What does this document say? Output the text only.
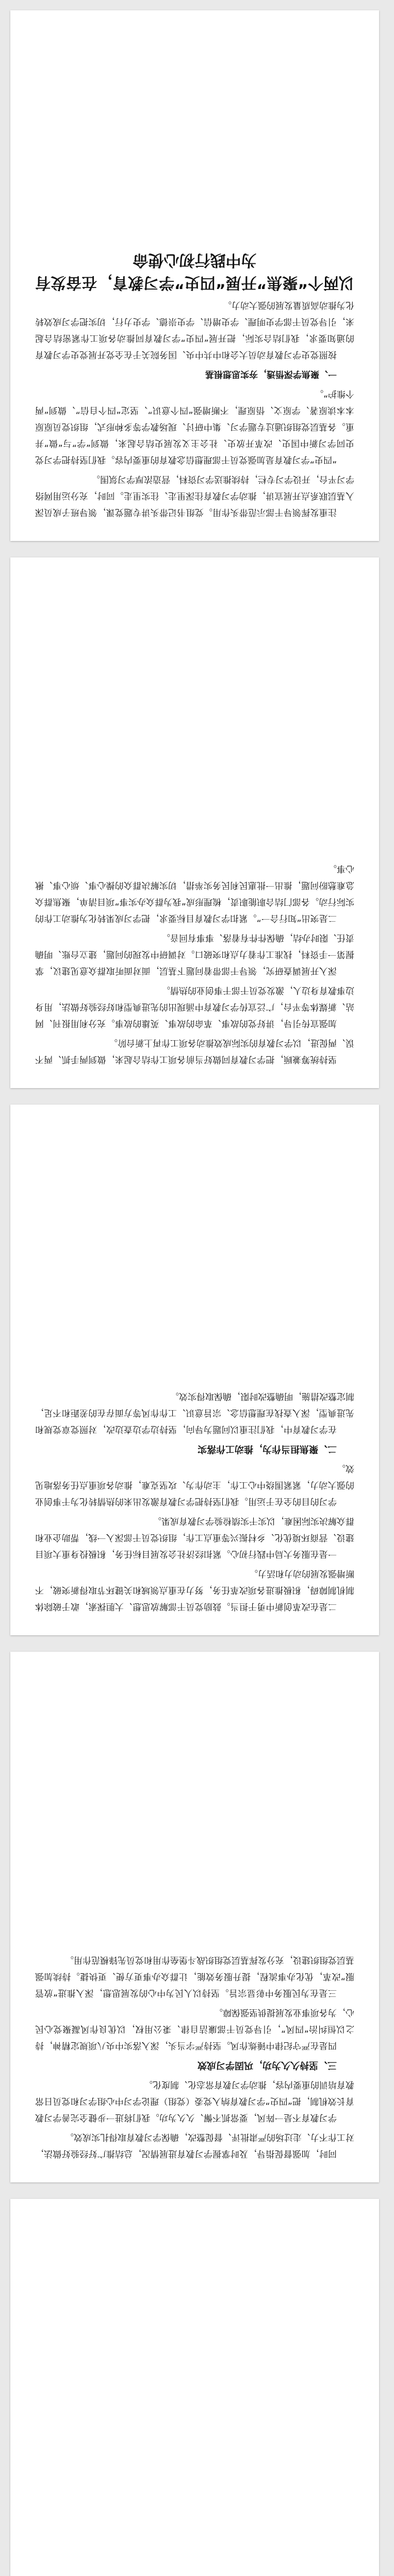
注重发挥领导干部示范带头作用。党组书记带头讲专题党课，领导班子成员深入基层联系点开展宣讲，推动学习教育往深里走、往实里走。同时，充分运用网络学习平台，开设学习专栏，持续推送学习资料，营造浓厚学习氛围。
“四史”学习教育是加强党员干部理想信念教育的重要内容。我们坚持把学习党史同学习新中国史、改革开放史、社会主义发展史结合起来，做到“学”与“做”并重。各基层党组织通过专题学习、集中研讨、现场教学等多种形式，组织党员原原本本读原著、学原文、悟原理，不断增强“四个意识”、坚定“四个自信”、做到“两个维护”。
一、聚焦学深悟透，夯实思想根基
按照党史学习教育动员大会和中共中央、国务院关于在全党开展党史学习教育的通知要求，我们结合实际，把开展“四史”学习教育同推动各项工作紧密结合起来，引导党员干部学史明理、学史增信、学史崇德、学史力行，切实把学习成效转化为推动高质量发展的强大动力。
以两个“聚焦”开展“四史”学习教育，在奋发有为中践行初心使命
坚持统筹兼顾，把学习教育同做好当前各项工作结合起来，做到两手抓、两不误、两促进，以学习教育的实际成效推动各项工作再上新台阶。
加强宣传引导，讲好党的故事、革命的故事、英雄的故事。充分利用报刊、网站、新媒体等平台，广泛宣传学习教育中涌现出的先进典型和好经验好做法，用身边事教育身边人，激发党员干部干事创业的热情。
深入开展调查研究，领导干部带着问题下基层，面对面听取群众意见建议，掌握第一手资料，找准工作着力点和突破口。对调研中发现的问题，建立台账、明确责任、限时办结，确保件件有着落、事事有回音。
二是突出“知行合一”。紧扣学习教育目标要求，把学习成果转化为推动工作的实际行动。各部门结合职能职责，梳理形成“我为群众办实事”项目清单，聚焦群众急难愁盼问题，推出一批惠民利民务实举措，切实解决群众的操心事、烦心事、揪心事。
二是在改革创新中勇于担当。鼓励党员干部解放思想、大胆探索，敢于破除体制机制障碍，积极推进各项改革任务，努力在重点领域和关键环节取得新突破，不断增强发展的动力和活力。
一是在服务大局中践行初心。紧扣经济社会发展目标任务，积极投身重大项目建设、营商环境优化、乡村振兴等重点工作，组织党员干部深入一线，帮助企业和群众解决实际困难，以实干实绩检验学习教育成果。
学习的目的全在于运用。我们坚持把学习教育激发出来的热情转化为干事创业的强大动力，紧紧围绕中心工作，主动作为、攻坚克难，推动各项重点任务落地见效。
二、聚焦担当作为，推动工作落实
在学习教育中，我们注重以问题为导向，坚持边学边查边改，对照党章党规和先进典型，深入查找在理想信念、宗旨意识、工作作风等方面存在的差距和不足，制定整改措施，明确整改时限，确保取得实效。
同时，加强督促指导，及时掌握学习教育进展情况，总结推广好经验好做法，对工作不力、走过场的严肃批评、督促整改，确保学习教育取得扎实成效。
学习教育不是一阵风，要常抓不懈、久久为功。我们将进一步健全完善学习教育长效机制，把“四史”学习教育纳入党委（党组）理论学习中心组学习和党员日常教育培训的重要内容，推动学习教育常态化、制度化。
三、坚持久久为功，巩固学习成效
四是在严守纪律中锤炼作风。坚持严字当头，深入落实中央八项规定精神，持之以恒纠治“四风”，引导党员干部廉洁自律、秉公用权，以优良作风凝聚党心民心，为各项事业发展提供坚强保障。
三是在为民服务中彰显宗旨。坚持以人民为中心的发展思想，深入推进“放管服”改革，优化办事流程，提升服务效能，让群众办事更方便、更快捷。持续加强基层党组织建设，充分发挥基层党组织战斗堡垒作用和党员先锋模范作用。
